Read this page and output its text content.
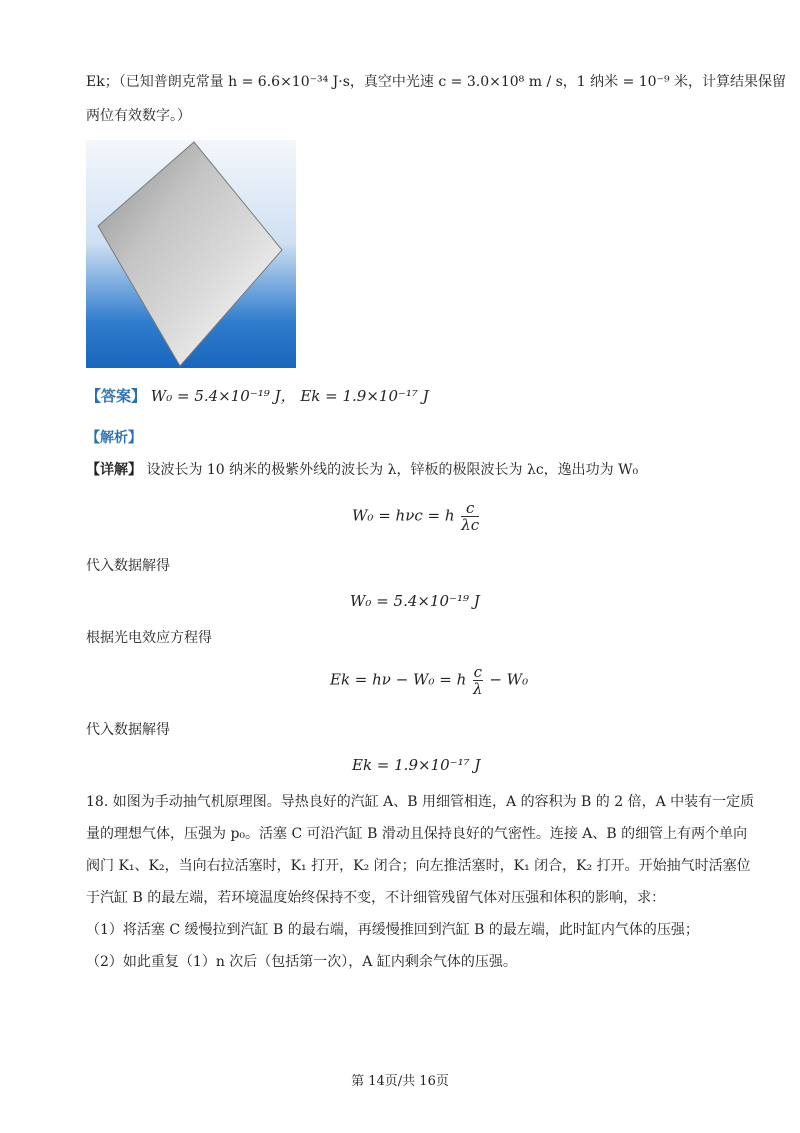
Ek；（已知普朗克常量 h = 6.6×10⁻³⁴ J·s，真空中光速 c = 3.0×10⁸ m / s，1 纳米 = 10⁻⁹ 米，计算结果保留
两位有效数字。）
【答案】 W₀ = 5.4×10⁻¹⁹ J， Ek = 1.9×10⁻¹⁷ J
【解析】
【详解】 设波长为 10 纳米的极紫外线的波长为 λ，锌板的极限波长为 λc，逸出功为 W₀
W₀ = hνc = h $\frac{c}{\lambda c}$
代入数据解得
W₀ = 5.4×10⁻¹⁹ J
根据光电效应方程得
Ek = hν − W₀ = h $\frac{c}{\lambda} - W_0$
代入数据解得
Ek = 1.9×10⁻¹⁷ J
18. 如图为手动抽气机原理图。导热良好的汽缸 A、B 用细管相连，A 的容积为 B 的 2 倍，A 中装有一定质
量的理想气体，压强为 p₀。活塞 C 可沿汽缸 B 滑动且保持良好的气密性。连接 A、B 的细管上有两个单向
阀门 K₁、K₂，当向右拉活塞时，K₁ 打开，K₂ 闭合；向左推活塞时，K₁ 闭合，K₂ 打开。开始抽气时活塞位
于汽缸 B 的最左端，若环境温度始终保持不变，不计细管残留气体对压强和体积的影响，求：
（1）将活塞 C 缓慢拉到汽缸 B 的最右端，再缓慢推回到汽缸 B 的最左端，此时缸内气体的压强；
（2）如此重复（1）n 次后（包括第一次），A 缸内剩余气体的压强。
第 14页/共 16页
